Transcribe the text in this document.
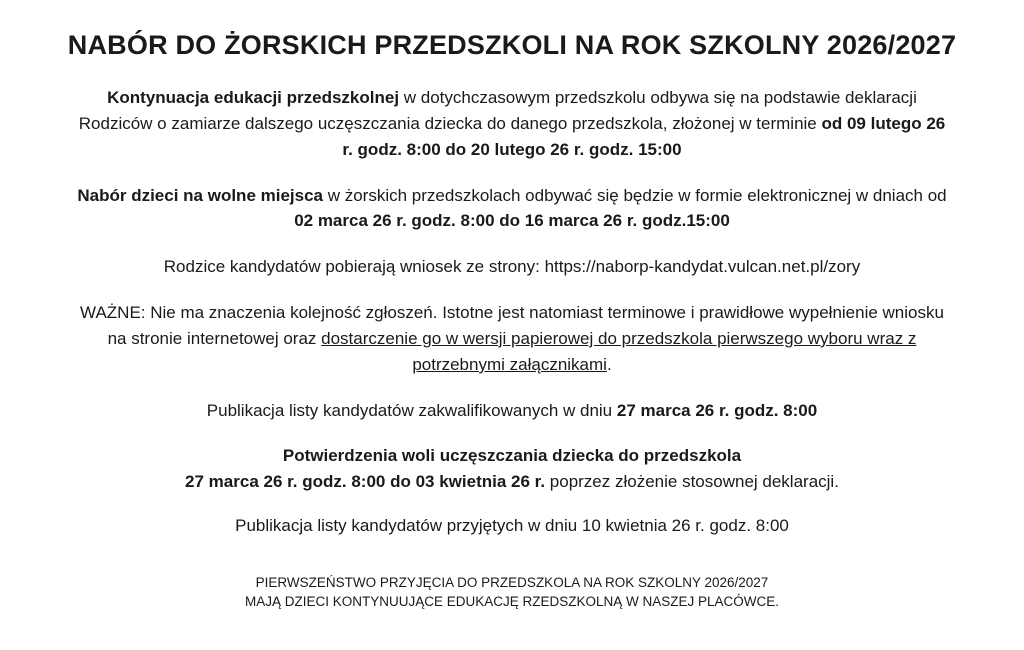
NABÓR DO ŻORSKICH PRZEDSZKOLI NA ROK SZKOLNY 2026/2027

Kontynuacja edukacji przedszkolnej w dotychczasowym przedszkolu odbywa się na podstawie deklaracji Rodziców o zamiarze dalszego uczęszczania dziecka do danego przedszkola, złożonej w terminie od 09 lutego 26 r. godz. 8:00 do 20 lutego 26 r. godz. 15:00

Nabór dzieci na wolne miejsca w żorskich przedszkolach odbywać się będzie w formie elektronicznej w dniach od 02 marca 26 r. godz. 8:00 do 16 marca 26 r. godz.15:00

Rodzice kandydatów pobierają wniosek ze strony: https://naborp-kandydat.vulcan.net.pl/zory

WAŻNE: Nie ma znaczenia kolejność zgłoszeń. Istotne jest natomiast terminowe i prawidłowe wypełnienie wniosku na stronie internetowej oraz dostarczenie go w wersji papierowej do przedszkola pierwszego wyboru wraz z potrzebnymi załącznikami.

Publikacja listy kandydatów zakwalifikowanych w dniu 27 marca 26 r. godz. 8:00

Potwierdzenia woli uczęszczania dziecka do przedszkola
27 marca 26 r. godz. 8:00 do 03 kwietnia 26 r. poprzez złożenie stosownej deklaracji.

Publikacja listy kandydatów przyjętych w dniu 10 kwietnia 26 r. godz. 8:00

PIERWSZEŃSTWO PRZYJĘCIA DO PRZEDSZKOLA NA ROK SZKOLNY 2026/2027
MAJĄ DZIECI KONTYNUUJĄCE EDUKACJĘ RZEDSZKOLNĄ W NASZEJ PLACÓWCE.
